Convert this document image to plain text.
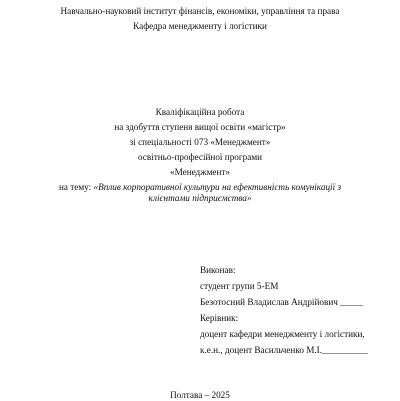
Навчально-науковий інститут фінансів, економіки, управління та права
Кафедра менеджменту і логістики
Кваліфікаційна робота
на здобуття ступеня вищої освіти «магістр»
зі спеціальності 073 «Менеджмент»
освітньо-професійної програми
«Менеджмент»
на тему: «Вплив корпоративної культури на ефективність комунікації з
клієнтами підприємства»
Виконав:
студент групи 5-ЕМ
Безотосний Владислав Андрійович _____
Керівник:
доцент кафедри менеджменту і логістики,
к.е.н., доцент Васильченко М.І.__________
Полтава – 2025
